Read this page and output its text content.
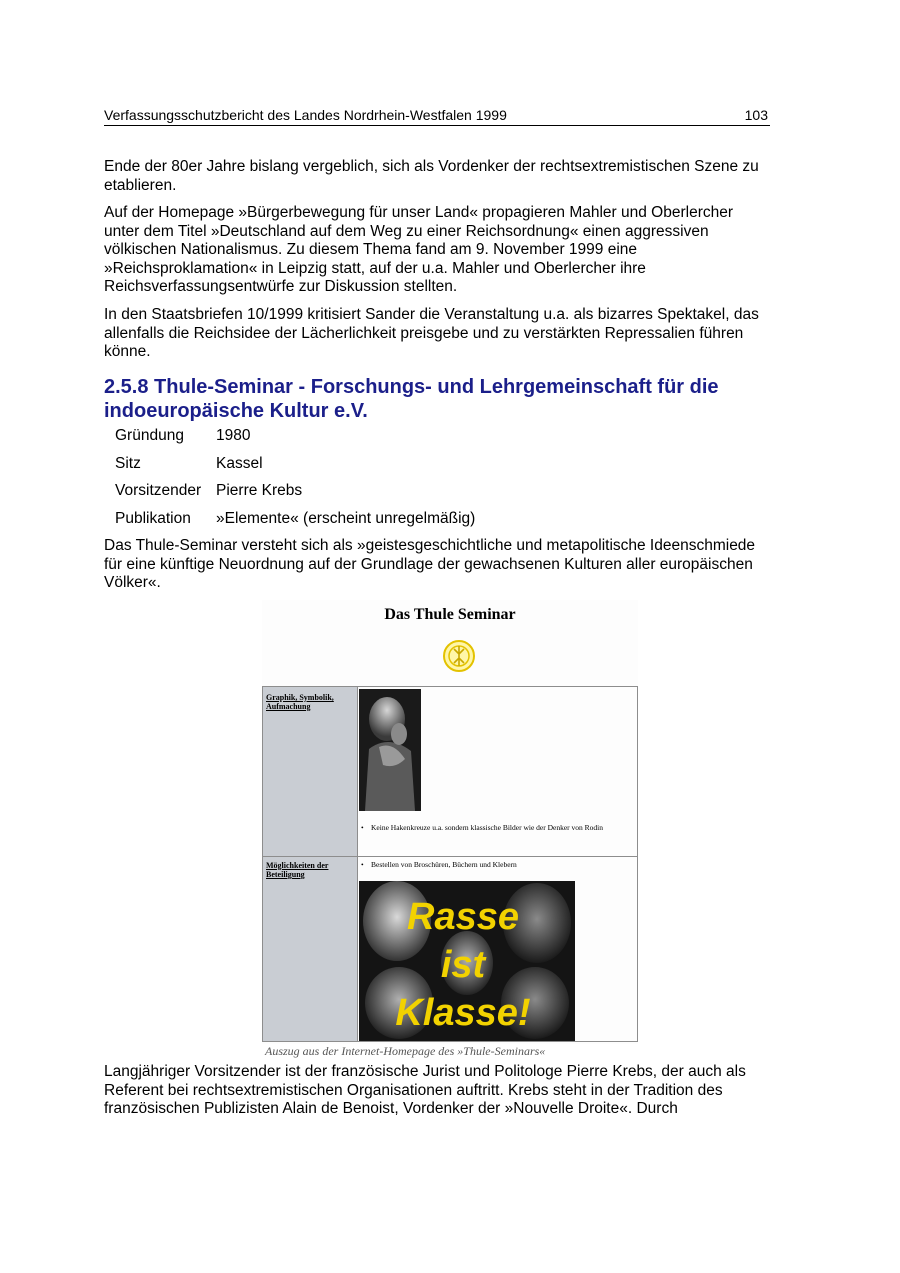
Verfassungsschutzbericht des Landes Nordrhein-Westfalen 1999	103

Ende der 80er Jahre bislang vergeblich, sich als Vordenker der rechtsextremistischen Szene zu
etablieren.

Auf der Homepage »Bürgerbewegung für unser Land« propagieren Mahler und Oberlercher
unter dem Titel »Deutschland auf dem Weg zu einer Reichsordnung« einen aggressiven
völkischen Nationalismus. Zu diesem Thema fand am 9. November 1999 eine
»Reichsproklamation« in Leipzig statt, auf der u.a. Mahler und Oberlercher ihre
Reichsverfassungsentwürfe zur Diskussion stellten.

In den Staatsbriefen 10/1999 kritisiert Sander die Veranstaltung u.a. als bizarres Spektakel, das
allenfalls die Reichsidee der Lächerlichkeit preisgebe und zu verstärkten Repressalien führen
könne.

2.5.8 Thule-Seminar - Forschungs- und Lehrgemeinschaft für die
indoeuropäische Kultur e.V.
Gründung 1980
Sitz	Kassel
Vorsitzender Pierre Krebs
Publikation »Elemente« (erscheint unregelmäßig)

Das Thule-Seminar versteht sich als »geistesgeschichtliche und metapolitische Ideenschmiede
für eine künftige Neuordnung auf der Grundlage der gewachsenen Kulturen aller europäischen
Völker«.

Das Thule Seminar
Graphik, Symbolik, Aufmachung
• Keine Hakenkreuze u.a. sondern klassische Bilder wie der Denker von Rodin
Möglichkeiten der Beteiligung
• Bestellen von Broschüren, Büchern und Klebern
Rasse
ist
Klasse!
Auszug aus der Internet-Homepage des »Thule-Seminars«

Langjähriger Vorsitzender ist der französische Jurist und Politologe Pierre Krebs, der auch als
Referent bei rechtsextremistischen Organisationen auftritt. Krebs steht in der Tradition des
französischen Publizisten Alain de Benoist, Vordenker der »Nouvelle Droite«. Durch
